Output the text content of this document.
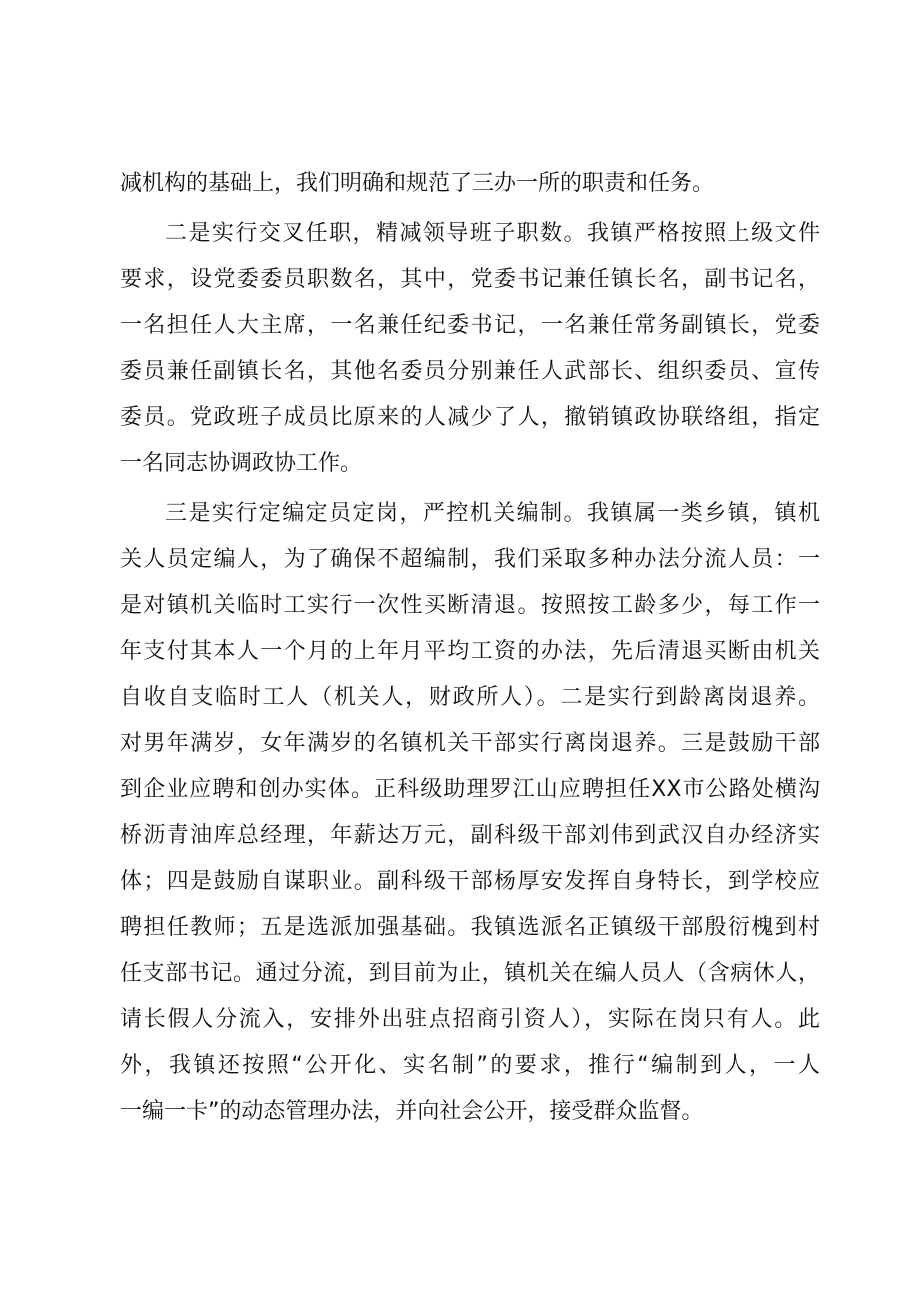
减机构的基础上，我们明确和规范了三办一所的职责和任务。
二是实行交叉任职，精减领导班子职数。我镇严格按照上级文件
要求，设党委委员职数名，其中，党委书记兼任镇长名，副书记名，
一名担任人大主席，一名兼任纪委书记，一名兼任常务副镇长，党委
委员兼任副镇长名，其他名委员分别兼任人武部长、组织委员、宣传
委员。党政班子成员比原来的人减少了人，撤销镇政协联络组，指定
一名同志协调政协工作。
三是实行定编定员定岗，严控机关编制。我镇属一类乡镇，镇机
关人员定编人，为了确保不超编制，我们采取多种办法分流人员：一
是对镇机关临时工实行一次性买断清退。按照按工龄多少，每工作一
年支付其本人一个月的上年月平均工资的办法，先后清退买断由机关
自收自支临时工人（机关人，财政所人）。二是实行到龄离岗退养。
对男年满岁，女年满岁的名镇机关干部实行离岗退养。三是鼓励干部
到企业应聘和创办实体。正科级助理罗江山应聘担任XX市公路处横沟
桥沥青油库总经理，年薪达万元，副科级干部刘伟到武汉自办经济实
体；四是鼓励自谋职业。副科级干部杨厚安发挥自身特长，到学校应
聘担任教师；五是选派加强基础。我镇选派名正镇级干部殷衍槐到村
任支部书记。通过分流，到目前为止，镇机关在编人员人（含病休人，
请长假人分流入，安排外出驻点招商引资人），实际在岗只有人。此
外，我镇还按照“公开化、实名制”的要求，推行“编制到人，一人
一编一卡”的动态管理办法，并向社会公开，接受群众监督。
